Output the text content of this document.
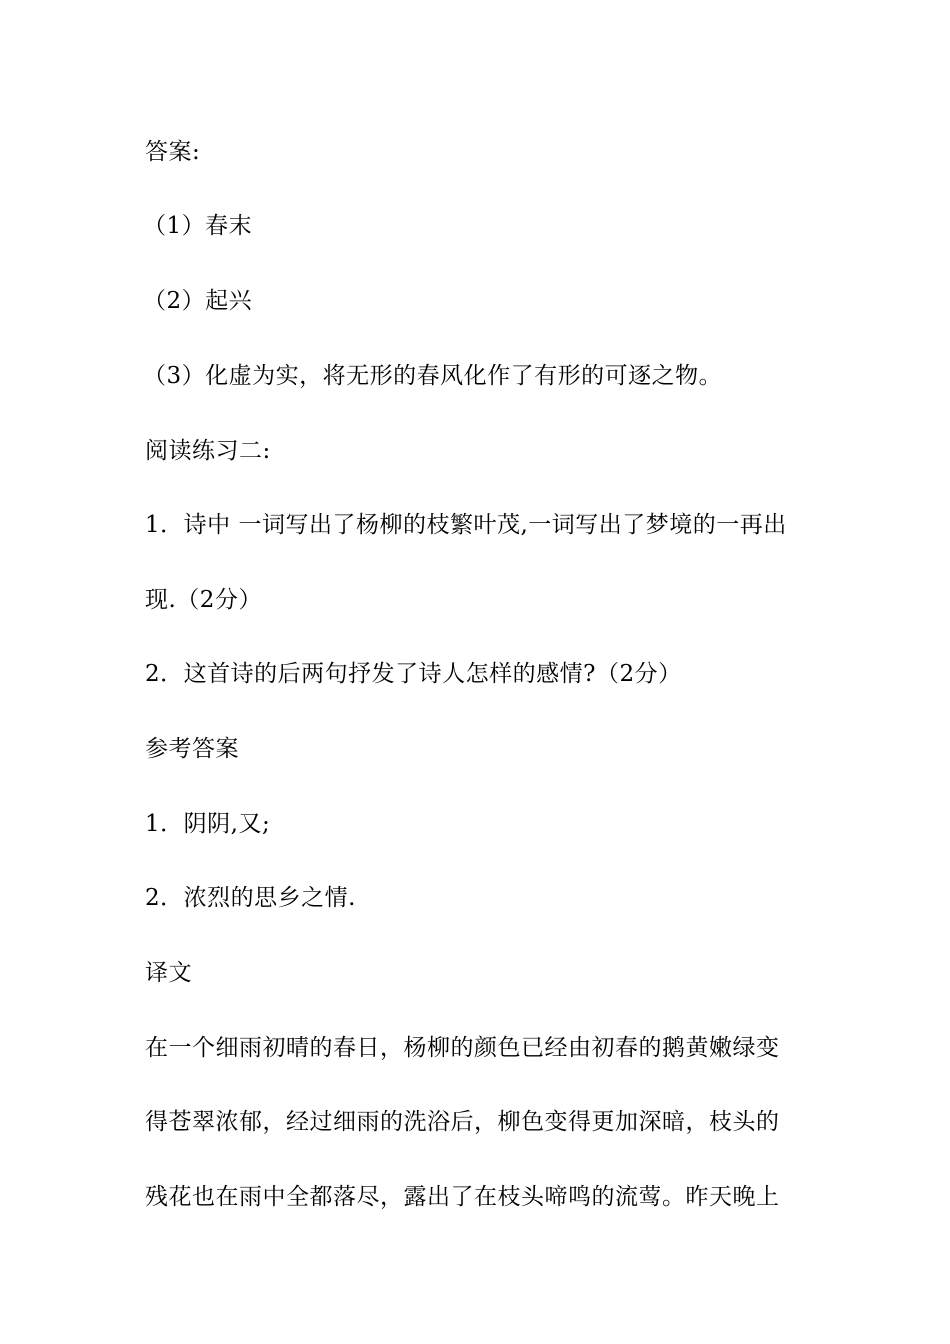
答案:
（1）春末
（2）起兴
（3）化虚为实，将无形的春风化作了有形的可逐之物。
阅读练习二:
1．诗中 一词写出了杨柳的枝繁叶茂,一词写出了梦境的一再出
现.（2分）
2．这首诗的后两句抒发了诗人怎样的感情?（2分）
参考答案
1．阴阴,又;
2．浓烈的思乡之情.
译文
在一个细雨初晴的春日，杨柳的颜色已经由初春的鹅黄嫩绿变
得苍翠浓郁，经过细雨的洗浴后，柳色变得更加深暗，枝头的
残花也在雨中全都落尽，露出了在枝头啼鸣的流莺。昨天晚上
